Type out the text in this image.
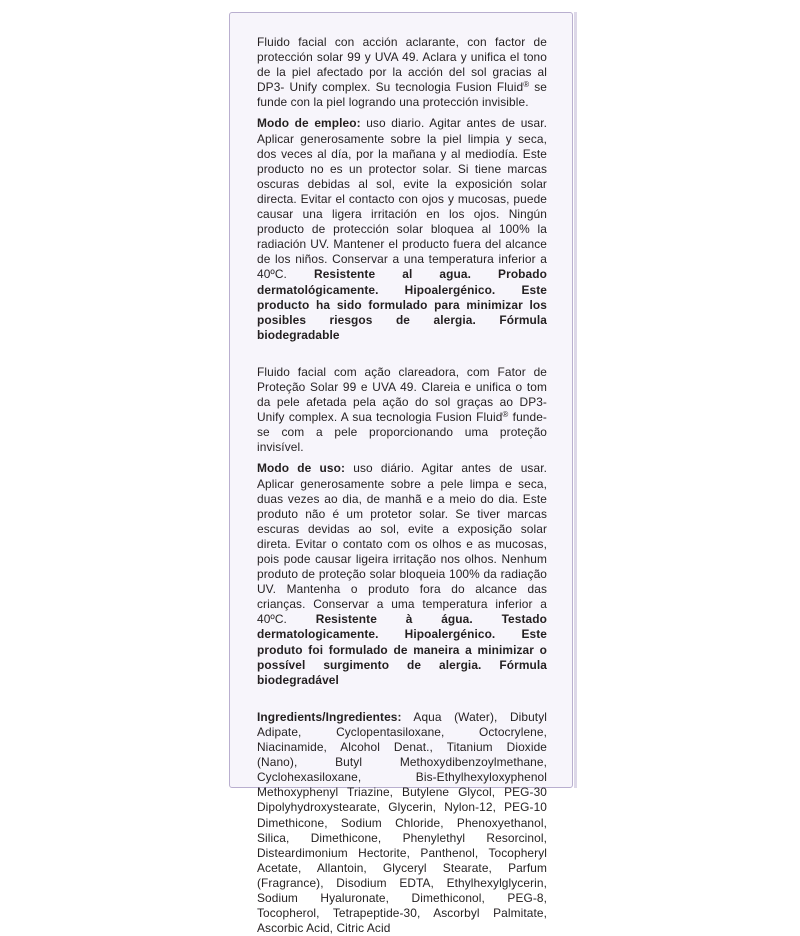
Fluido facial con acción aclarante, con factor de protección solar 99 y UVA 49. Aclara y unifica el tono de la piel afectado por la acción del sol gracias al DP3- Unify complex. Su tecnologia Fusion Fluid® se funde con la piel logrando una protección invisible.
Modo de empleo: uso diario. Agitar antes de usar. Aplicar generosamente sobre la piel limpia y seca, dos veces al día, por la mañana y al mediodía. Este producto no es un protector solar. Si tiene marcas oscuras debidas al sol, evite la exposición solar directa. Evitar el contacto con ojos y mucosas, puede causar una ligera irritación en los ojos. Ningún producto de protección solar bloquea al 100% la radiación UV. Mantener el producto fuera del alcance de los niños. Conservar a una temperatura inferior a 40ºC. Resistente al agua. Probado dermatológicamente. Hipoalergénico. Este producto ha sido formulado para minimizar los posibles riesgos de alergia. Fórmula biodegradable
Fluido facial com ação clareadora, com Fator de Proteção Solar 99 e UVA 49. Clareia e unifica o tom da pele afetada pela ação do sol graças ao DP3-Unify complex. A sua tecnologia Fusion Fluid® funde-se com a pele proporcionando uma proteção invisível.
Modo de uso: uso diário. Agitar antes de usar. Aplicar generosamente sobre a pele limpa e seca, duas vezes ao dia, de manhã e a meio do dia. Este produto não é um protetor solar. Se tiver marcas escuras devidas ao sol, evite a exposição solar direta. Evitar o contato com os olhos e as mucosas, pois pode causar ligeira irritação nos olhos. Nenhum produto de proteção solar bloqueia 100% da radiação UV. Mantenha o produto fora do alcance das crianças. Conservar a uma temperatura inferior a 40ºC. Resistente à água. Testado dermatologicamente. Hipoalergénico. Este produto foi formulado de maneira a minimizar o possível surgimento de alergia. Fórmula biodegradável
Ingredients/Ingredientes: Aqua (Water), Dibutyl Adipate, Cyclopentasiloxane, Octocrylene, Niacinamide, Alcohol Denat., Titanium Dioxide (Nano), Butyl Methoxydibenzoylmethane, Cyclohexasiloxane, Bis-Ethylhexyloxyphenol Methoxyphenyl Triazine, Butylene Glycol, PEG-30 Dipolyhydroxystearate, Glycerin, Nylon-12, PEG-10 Dimethicone, Sodium Chloride, Phenoxyethanol, Silica, Dimethicone, Phenylethyl Resorcinol, Disteardimonium Hectorite, Panthenol, Tocopheryl Acetate, Allantoin, Glyceryl Stearate, Parfum (Fragrance), Disodium EDTA, Ethylhexylglycerin, Sodium Hyaluronate, Dimethiconol, PEG-8, Tocopherol, Tetrapeptide-30, Ascorbyl Palmitate, Ascorbic Acid, Citric Acid
